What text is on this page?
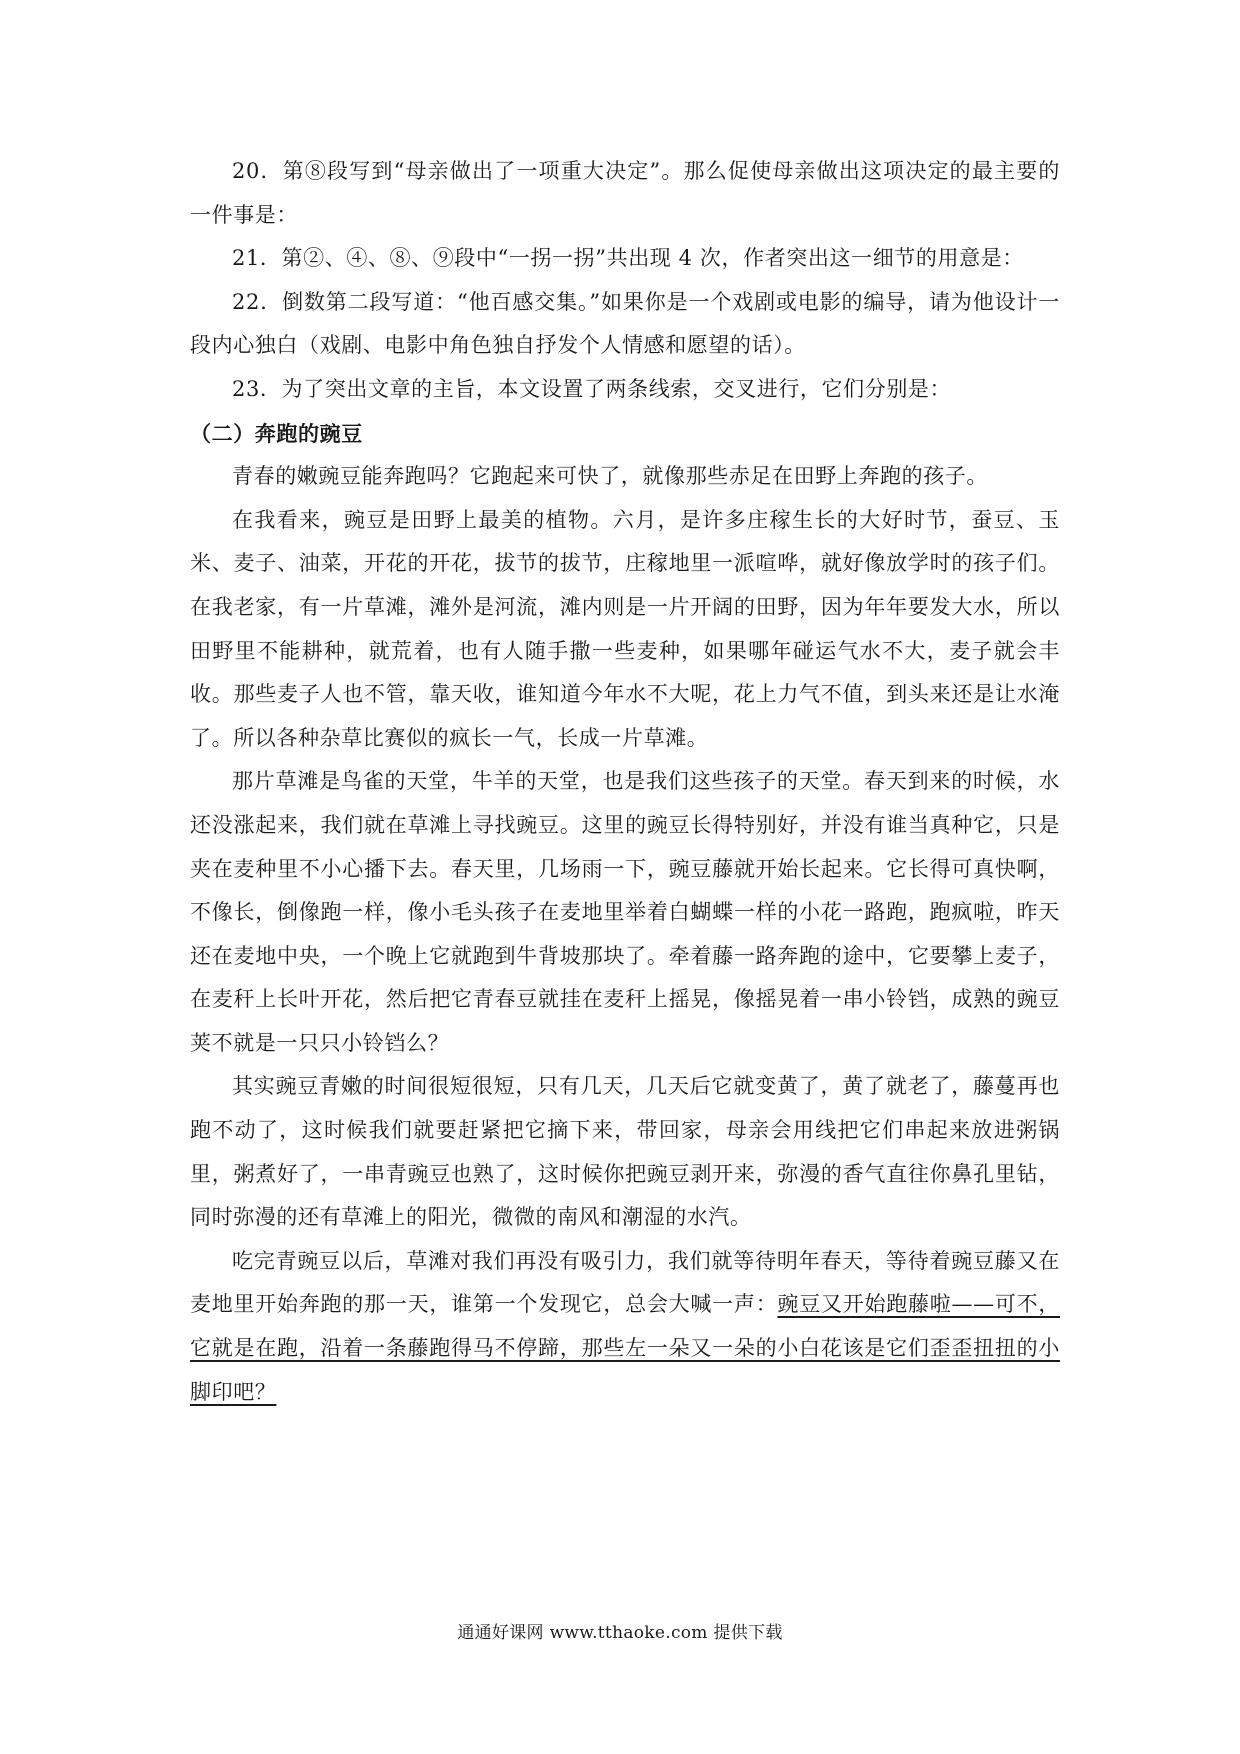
20．第⑧段写到“母亲做出了一项重大决定”。那么促使母亲做出这项决定的最主要的一件事是：

21．第②、④、⑧、⑨段中“一拐一拐”共出现 4 次，作者突出这一细节的用意是：

22．倒数第二段写道：“他百感交集。”如果你是一个戏剧或电影的编导，请为他设计一段内心独白（戏剧、电影中角色独自抒发个人情感和愿望的话）。

23．为了突出文章的主旨，本文设置了两条线索，交叉进行，它们分别是：

（二）奔跑的豌豆

青春的嫩豌豆能奔跑吗？它跑起来可快了，就像那些赤足在田野上奔跑的孩子。

在我看来，豌豆是田野上最美的植物。六月，是许多庄稼生长的大好时节，蚕豆、玉米、麦子、油菜，开花的开花，拔节的拔节，庄稼地里一派喧哗，就好像放学时的孩子们。在我老家，有一片草滩，滩外是河流，滩内则是一片开阔的田野，因为年年要发大水，所以田野里不能耕种，就荒着，也有人随手撒一些麦种，如果哪年碰运气水不大，麦子就会丰收。那些麦子人也不管，靠天收，谁知道今年水不大呢，花上力气不值，到头来还是让水淹了。所以各种杂草比赛似的疯长一气，长成一片草滩。

那片草滩是鸟雀的天堂，牛羊的天堂，也是我们这些孩子的天堂。春天到来的时候，水还没涨起来，我们就在草滩上寻找豌豆。这里的豌豆长得特别好，并没有谁当真种它，只是夹在麦种里不小心播下去。春天里，几场雨一下，豌豆藤就开始长起来。它长得可真快啊，不像长，倒像跑一样，像小毛头孩子在麦地里举着白蝴蝶一样的小花一路跑，跑疯啦，昨天还在麦地中央，一个晚上它就跑到牛背坡那块了。牵着藤一路奔跑的途中，它要攀上麦子，在麦秆上长叶开花，然后把它青春豆就挂在麦秆上摇晃，像摇晃着一串小铃铛，成熟的豌豆荚不就是一只只小铃铛么？

其实豌豆青嫩的时间很短很短，只有几天，几天后它就变黄了，黄了就老了，藤蔓再也跑不动了，这时候我们就要赶紧把它摘下来，带回家，母亲会用线把它们串起来放进粥锅里，粥煮好了，一串青豌豆也熟了，这时候你把豌豆剥开来，弥漫的香气直往你鼻孔里钻，同时弥漫的还有草滩上的阳光，微微的南风和潮湿的水汽。

吃完青豌豆以后，草滩对我们再没有吸引力，我们就等待明年春天，等待着豌豆藤又在麦地里开始奔跑的那一天，谁第一个发现它，总会大喊一声：豌豆又开始跑藤啦——可不，它就是在跑，沿着一条藤跑得马不停蹄，那些左一朵又一朵的小白花该是它们歪歪扭扭的小脚印吧？

通通好课网 www.tthaoke.com 提供下载
